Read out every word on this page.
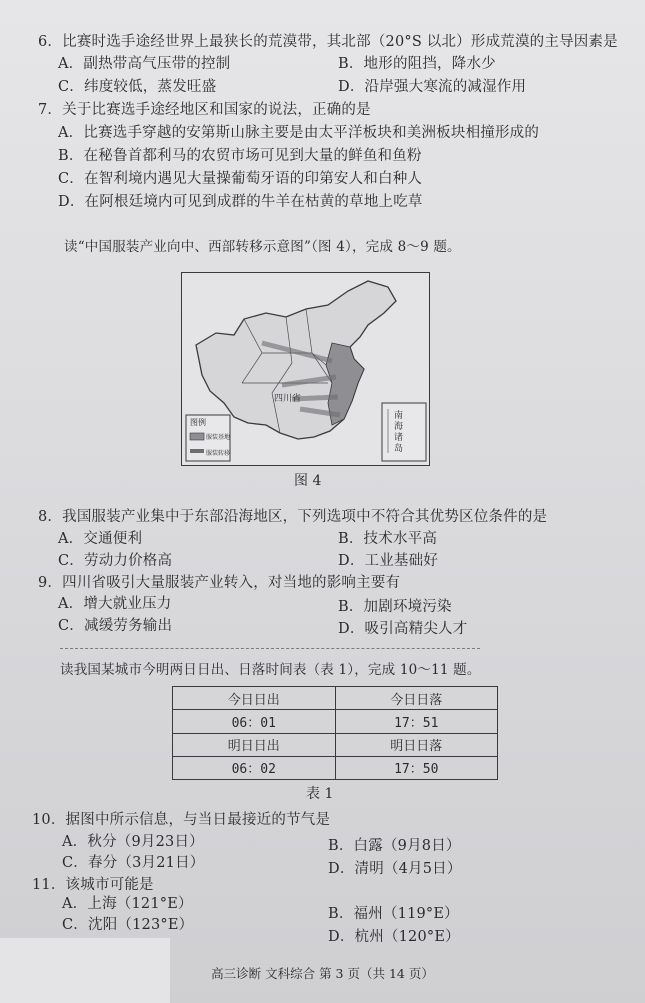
6．比赛时选手途经世界上最狭长的荒漠带，其北部（20°S 以北）形成荒漠的主导因素是
A．副热带高气压带的控制	B．地形的阻挡，降水少
C．纬度较低，蒸发旺盛	D．沿岸强大寒流的减湿作用
7．关于比赛选手途经地区和国家的说法，正确的是
A．比赛选手穿越的安第斯山脉主要是由太平洋板块和美洲板块相撞形成的
B．在秘鲁首都利马的农贸市场可见到大量的鲜鱼和鱼粉
C．在智利境内遇见大量操葡萄牙语的印第安人和白种人
D．在阿根廷境内可见到成群的牛羊在枯黄的草地上吃草
读“中国服装产业向中、西部转移示意图”（图 4），完成 8～9 题。
四川省
图例
服装基地
服装转移
南海诸岛
图 4
8．我国服装产业集中于东部沿海地区，下列选项中不符合其优势区位条件的是
A．交通便利	B．技术水平高
C．劳动力价格高	D．工业基础好
9．四川省吸引大量服装产业转入，对当地的影响主要有
A．增大就业压力	B．加剧环境污染
C．减缓劳务输出	D．吸引高精尖人才
读我国某城市今明两日日出、日落时间表（表 1），完成 10～11 题。
今日日出	今日日落
06：01	17：51
明日日出	明日日落
06：02	17：50
表 1
10．据图中所示信息，与当日最接近的节气是
A．秋分（9月23日）	B．白露（9月8日）
C．春分（3月21日）	D．清明（4月5日）
11．该城市可能是
A．上海（121°E）
B．福州（119°E）
C．沈阳（123°E）
D．杭州（120°E）
高三诊断 文科综合 第 3 页（共 14 页）
